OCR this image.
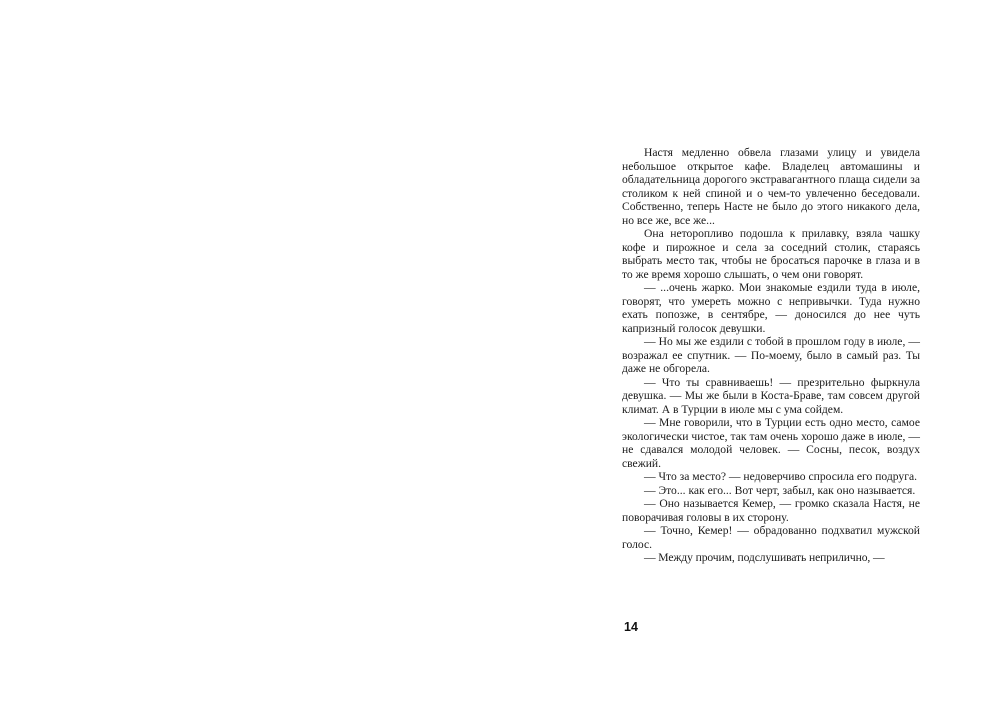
Настя медленно обвела глазами улицу и увидела небольшое открытое кафе. Владелец автомашины и обладательница дорогого экстравагантного плаща сидели за столиком к ней спиной и о чем-то увлеченно беседовали. Собственно, теперь Насте не было до этого никакого дела, но все же, все же...

Она неторопливо подошла к прилавку, взяла чашку кофе и пирожное и села за соседний столик, стараясь выбрать место так, чтобы не бросаться парочке в глаза и в то же время хорошо слышать, о чем они говорят.

— ...очень жарко. Мои знакомые ездили туда в июле, говорят, что умереть можно с непривычки. Туда нужно ехать попозже, в сентябре, — доносился до нее чуть капризный голосок девушки.

— Но мы же ездили с тобой в прошлом году в июле, — возражал ее спутник. — По-моему, было в самый раз. Ты даже не обгорела.

— Что ты сравниваешь! — презрительно фыркнула девушка. — Мы же были в Коста-Браве, там совсем другой климат. А в Турции в июле мы с ума сойдем.

— Мне говорили, что в Турции есть одно место, самое экологически чистое, так там очень хорошо даже в июле, — не сдавался молодой человек. — Сосны, песок, воздух свежий.

— Что за место? — недоверчиво спросила его подруга.

— Это... как его... Вот черт, забыл, как оно называется.

— Оно называется Кемер, — громко сказала Настя, не поворачивая головы в их сторону.

— Точно, Кемер! — обрадованно подхватил мужской голос.

— Между прочим, подслушивать неприлично, —

14
